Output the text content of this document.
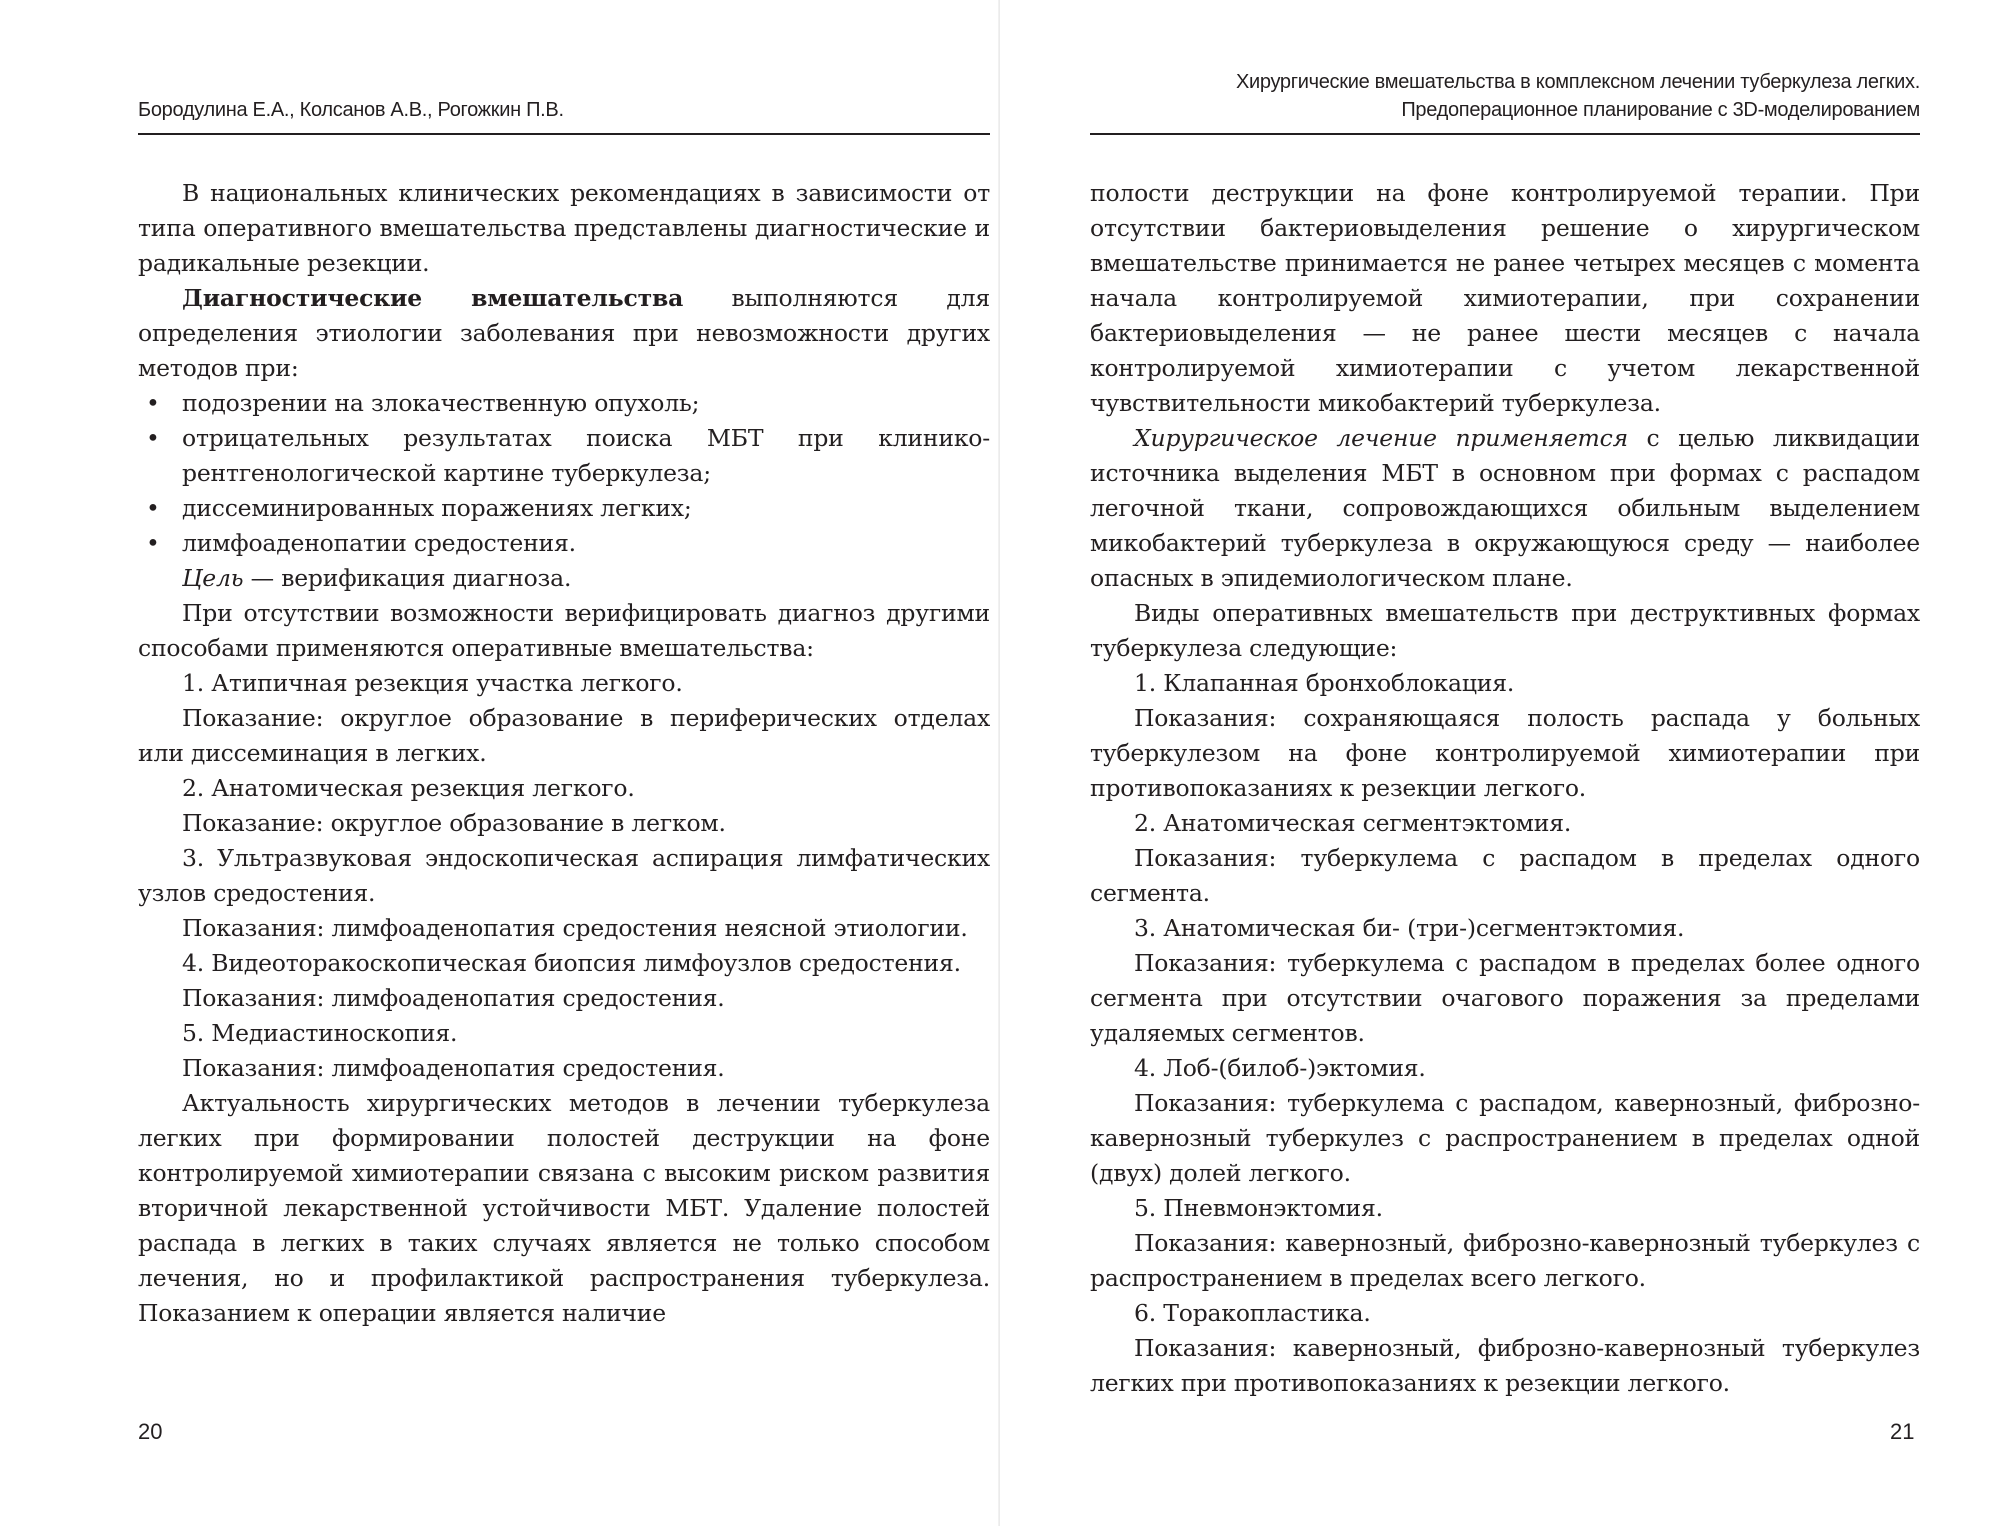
Бородулина Е.А., Колсанов А.В., Рогожкин П.В.

В национальных клинических рекомендациях в зависимости от типа оперативного вмешательства представлены диагностические и радикальные резекции.

Диагностические вмешательства выполняются для определения этиологии заболевания при невозможности других методов при:

• подозрении на злокачественную опухоль;

• отрицательных результатах поиска МБТ при клинико-рентгенологической картине туберкулеза;

• диссеминированных поражениях легких;

• лимфоаденопатии средостения.

Цель — верификация диагноза.

При отсутствии возможности верифицировать диагноз другими способами применяются оперативные вмешательства:

1. Атипичная резекция участка легкого.

Показание: округлое образование в периферических отделах или диссеминация в легких.

2. Анатомическая резекция легкого.

Показание: округлое образование в легком.

3. Ультразвуковая эндоскопическая аспирация лимфатических узлов средостения.

Показания: лимфоаденопатия средостения неясной этиологии.

4. Видеоторакоскопическая биопсия лимфоузлов средостения.

Показания: лимфоаденопатия средостения.

5. Медиастиноскопия.

Показания: лимфоаденопатия средостения.

Актуальность хирургических методов в лечении туберкулеза легких при формировании полостей деструкции на фоне контролируемой химиотерапии связана с высоким риском развития вторичной лекарственной устойчивости МБТ. Удаление полостей распада в легких в таких случаях является не только способом лечения, но и профилактикой распространения туберкулеза. Показанием к операции является наличие

20
Хирургические вмешательства в комплексном лечении туберкулеза легких.
Предоперационное планирование с 3D-моделированием

полости деструкции на фоне контролируемой терапии. При отсутствии бактериовыделения решение о хирургическом вмешательстве принимается не ранее четырех месяцев с момента начала контролируемой химиотерапии, при сохранении бактериовыделения — не ранее шести месяцев с начала контролируемой химиотерапии с учетом лекарственной чувствительности микобактерий туберкулеза.

Хирургическое лечение применяется с целью ликвидации источника выделения МБТ в основном при формах с распадом легочной ткани, сопровождающихся обильным выделением микобактерий туберкулеза в окружающуюся среду — наиболее опасных в эпидемиологическом плане.

Виды оперативных вмешательств при деструктивных формах туберкулеза следующие:

1. Клапанная бронхоблокация.

Показания: сохраняющаяся полость распада у больных туберкулезом на фоне контролируемой химиотерапии при противопоказаниях к резекции легкого.

2. Анатомическая сегментэктомия.

Показания: туберкулема с распадом в пределах одного сегмента.

3. Анатомическая би- (три-)сегментэктомия.

Показания: туберкулема с распадом в пределах более одного сегмента при отсутствии очагового поражения за пределами удаляемых сегментов.

4. Лоб-(билоб-)эктомия.

Показания: туберкулема с распадом, кавернозный, фиброзно-кавернозный туберкулез с распространением в пределах одной (двух) долей легкого.

5. Пневмонэктомия.

Показания: кавернозный, фиброзно-кавернозный туберкулез с распространением в пределах всего легкого.

6. Торакопластика.

Показания: кавернозный, фиброзно-кавернозный туберкулез легких при противопоказаниях к резекции легкого.

21
